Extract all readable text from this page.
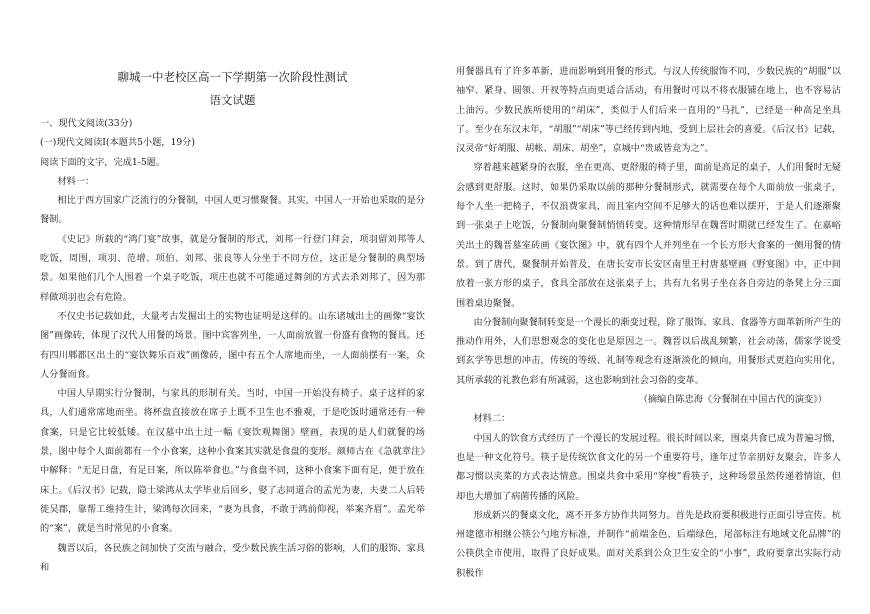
聊城一中老校区高一下学期第一次阶段性测试
语文试题

一、现代文阅读(33分)

(一)现代文阅读Ⅰ(本题共5小题，19分)

阅读下面的文字，完成1-5题。

材料一：

相比于西方国家广泛流行的分餐制，中国人更习惯聚餐。其实，中国人一开始也采取的是分餐制。

《史记》所载的“鸿门宴”故事，就是分餐制的形式，刘邦一行登门拜会，项羽留刘邦等人吃饭，周围，项羽、范增、项伯、刘邦、张良等人分坐于不同方位，这正是分餐制的典型场景。如果他们几个人围着一个桌子吃饭，项庄也就不可能通过舞剑的方式去杀刘邦了，因为那样做项羽也会有危险。

不仅史书记载如此，大量考古发掘出土的实物也证明是这样的。山东诸城出土的画像“宴饮图”画像砖，体现了汉代人用餐的场景。图中宾客列坐，一人面前放置一份盛有食物的餐具。还有四川郫都区出土的“宴饮舞乐百戏”画像砖，图中有五个人席地而坐，一人面前摆有一案，众人分餐而食。

中国人早期实行分餐制，与家具的形制有关。当时，中国一开始没有椅子、桌子这样的家具，人们通常席地而坐。将杯盘直接放在席子上既不卫生也不雅观，于是吃饭时通常还有一种食案，只是它比较低矮。在汉墓中出土过一幅《宴饮观舞图》壁画，表现的是人们就餐的场景，图中每个人面前都有一个小食案，这种小食案其实就是食盘的变形。颜师古在《急就章注》中解释：“无足日盘，有足日案，所以陈举食也。”与食盘不同，这种小食案下面有足，便于放在床上。《后汉书》记载，隐士梁鸿从太学毕业后回乡，娶了志同道合的孟光为妻，夫妻二人后转徙吴郡，靠帮工维持生计，梁鸿每次回来，“妻为具食，不敢于鸿前仰视，举案齐眉”。孟光举的“案”，就是当时常见的小食案。

魏晋以后，各民族之间加快了交流与融合，受少数民族生活习俗的影响，人们的服饰、家具和

用餐器具有了许多革新，进而影响到用餐的形式。与汉人传统服饰不同，少数民族的“胡服”以袖窄、紧身、圆领、开衩等特点而更适合活动，有用餐时可以不将衣服铺在地上，也不容易沾上油污。少数民族所使用的“胡床”，类似于人们后来一直用的“马扎”，已经是一种高足坐具了。至少在东汉末年，“胡服”“胡床”等已经传到内地，受到上层社会的喜爱。《后汉书》记载，汉灵帝“好胡服、胡帐、胡床、胡坐”，京城中“贵戚皆竞为之”。

穿着越来越紧身的衣服，坐在更高、更舒服的椅子里，面前是高足的桌子，人们用餐时无疑会感到更舒服。这时，如果仍采取以前的那种分餐制形式，就需要在每个人面前放一张桌子，每个人坐一把椅子，不仅浪费家具，而且室内空间不足够大的话也难以摆开，于是人们逐渐聚到一张桌子上吃饭，分餐制向聚餐制悄悄转变。这种情形早在魏晋时期就已经发生了。在嘉峪关出土的魏晋墓室砖画《宴饮图》中，就有四个人并列坐在一个长方形大食案的一侧用餐的情景。到了唐代，聚餐制开始普及，在唐长安市长安区南里王村唐墓壁画《野宴图》中，正中间放着一张方形的桌子，食具全部放在这张桌子上，共有九名男子坐在各自旁边的条凳上分三面围着桌边聚餐。

由分餐制向聚餐制转变是一个漫长的渐变过程，除了服饰、家具、食器等方面革新所产生的推动作用外，人们思想观念的变化也是原因之一。魏晋以后战乱频繁，社会动荡，儒家学说受到玄学等思想的冲击，传统的等级、礼制等观念有逐渐淡化的倾向，用餐形式更趋向实用化，其所承载的礼教色彩有所减弱，这也影响到社会习俗的变革。

（摘编自陈忠海《分餐制在中国古代的演变》）

材料二：

中国人的饮食方式经历了一个漫长的发展过程。很长时间以来，围桌共食已成为普遍习惯，也是一种文化符号。筷子是传统饮食文化的另一个重要符号，逢年过节亲朋好友聚会，许多人都习惯以夹菜的方式表达情意。围桌共食中采用“穿梭”看筷子，这种场景虽然传递着情谊，但却也大增加了病菌传播的风险。

形成新兴的餐桌文化，离不开多方协作共同努力。首先是政府要积极进行正面引导宣传。杭州建德市相继公筷公勺地方标准，并制作“前端金色、后端绿色，尾部标注有地域文化品牌”的公筷供全市使用，取得了良好成果。面对关系到公众卫生安全的“小事”，政府要拿出实际行动积极作
